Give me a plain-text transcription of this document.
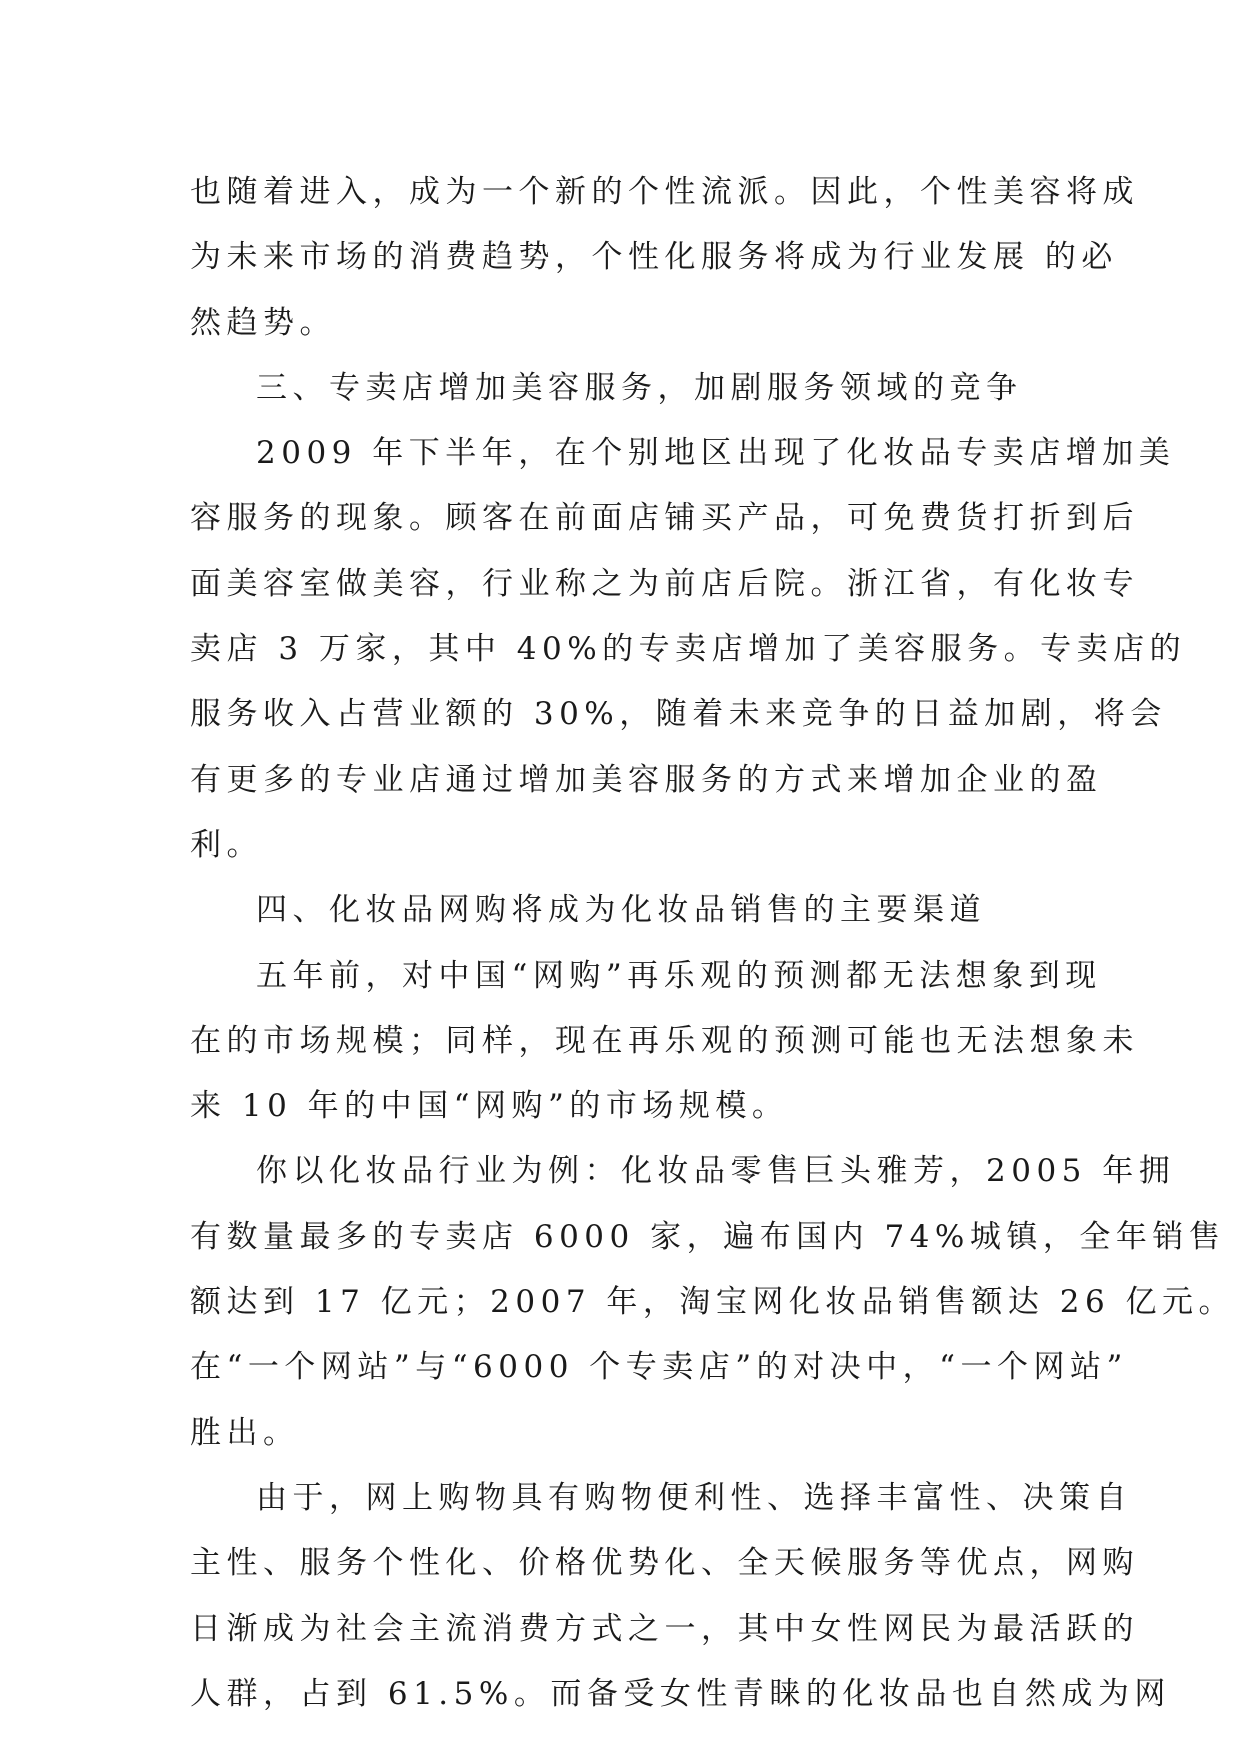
也随着进入，成为一个新的个性流派。因此，个性美容将成
为未来市场的消费趋势，个性化服务将成为行业发展 的必
然趋势。
三、专卖店增加美容服务，加剧服务领域的竞争
2009 年下半年，在个别地区出现了化妆品专卖店增加美
容服务的现象。顾客在前面店铺买产品，可免费货打折到后
面美容室做美容，行业称之为前店后院。浙江省，有化妆专
卖店 3 万家，其中 40%的专卖店增加了美容服务。专卖店的
服务收入占营业额的 30%，随着未来竞争的日益加剧，将会
有更多的专业店通过增加美容服务的方式来增加企业的盈
利。
四、化妆品网购将成为化妆品销售的主要渠道
五年前，对中国“网购”再乐观的预测都无法想象到现
在的市场规模；同样，现在再乐观的预测可能也无法想象未
来 10 年的中国“网购”的市场规模。
你以化妆品行业为例：化妆品零售巨头雅芳，2005 年拥
有数量最多的专卖店 6000 家，遍布国内 74%城镇，全年销售
额达到 17 亿元；2007 年，淘宝网化妆品销售额达 26 亿元。
在“一个网站”与“6000 个专卖店”的对决中，“一个网站”
胜出。
由于，网上购物具有购物便利性、选择丰富性、决策自
主性、服务个性化、价格优势化、全天候服务等优点，网购
日渐成为社会主流消费方式之一，其中女性网民为最活跃的
人群，占到 61.5%。而备受女性青睐的化妆品也自然成为网
